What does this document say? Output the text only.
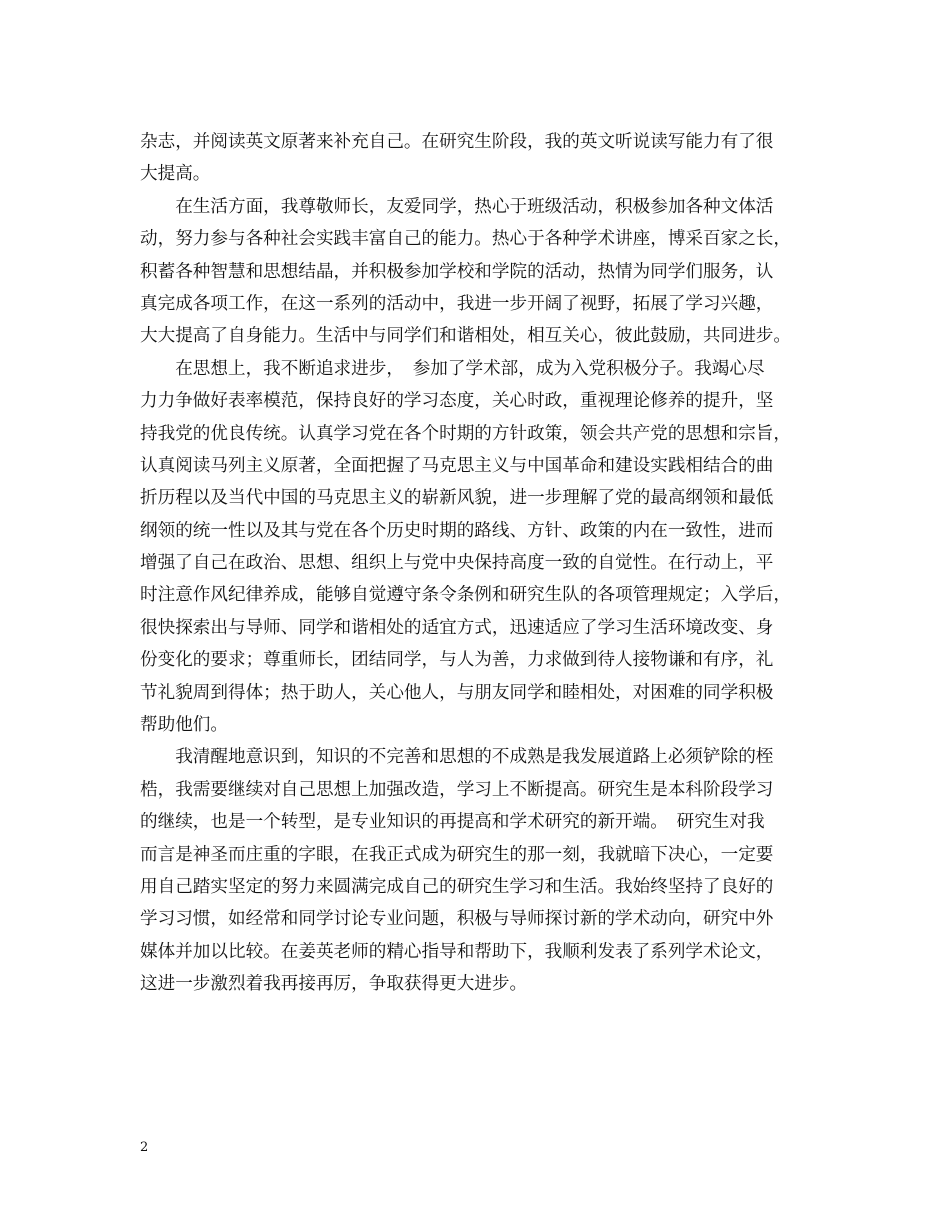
杂志，并阅读英文原著来补充自己。在研究生阶段，我的英文听说读写能力有了很
大提高。
　　在生活方面，我尊敬师长，友爱同学，热心于班级活动，积极参加各种文体活
动，努力参与各种社会实践丰富自己的能力。热心于各种学术讲座，博采百家之长，
积蓄各种智慧和思想结晶，并积极参加学校和学院的活动，热情为同学们服务，认
真完成各项工作，在这一系列的活动中，我进一步开阔了视野，拓展了学习兴趣，
大大提高了自身能力。生活中与同学们和谐相处，相互关心，彼此鼓励，共同进步。
　　在思想上，我不断追求进步，　参加了学术部，成为入党积极分子。我竭心尽
力力争做好表率模范，保持良好的学习态度，关心时政，重视理论修养的提升，坚
持我党的优良传统。认真学习党在各个时期的方针政策，领会共产党的思想和宗旨，
认真阅读马列主义原著，全面把握了马克思主义与中国革命和建设实践相结合的曲
折历程以及当代中国的马克思主义的崭新风貌，进一步理解了党的最高纲领和最低
纲领的统一性以及其与党在各个历史时期的路线、方针、政策的内在一致性，进而
增强了自己在政治、思想、组织上与党中央保持高度一致的自觉性。在行动上，平
时注意作风纪律养成，能够自觉遵守条令条例和研究生队的各项管理规定；入学后，
很快探索出与导师、同学和谐相处的适宜方式，迅速适应了学习生活环境改变、身
份变化的要求；尊重师长，团结同学，与人为善，力求做到待人接物谦和有序，礼
节礼貌周到得体；热于助人，关心他人，与朋友同学和睦相处，对困难的同学积极
帮助他们。
　　我清醒地意识到，知识的不完善和思想的不成熟是我发展道路上必须铲除的桎
梏，我需要继续对自己思想上加强改造，学习上不断提高。研究生是本科阶段学习
的继续，也是一个转型，是专业知识的再提高和学术研究的新开端。　研究生对我
而言是神圣而庄重的字眼，在我正式成为研究生的那一刻，我就暗下决心，一定要
用自己踏实坚定的努力来圆满完成自己的研究生学习和生活。我始终坚持了良好的
学习习惯，如经常和同学讨论专业问题，积极与导师探讨新的学术动向，研究中外
媒体并加以比较。在姜英老师的精心指导和帮助下，我顺利发表了系列学术论文，
这进一步激烈着我再接再厉，争取获得更大进步。
2
